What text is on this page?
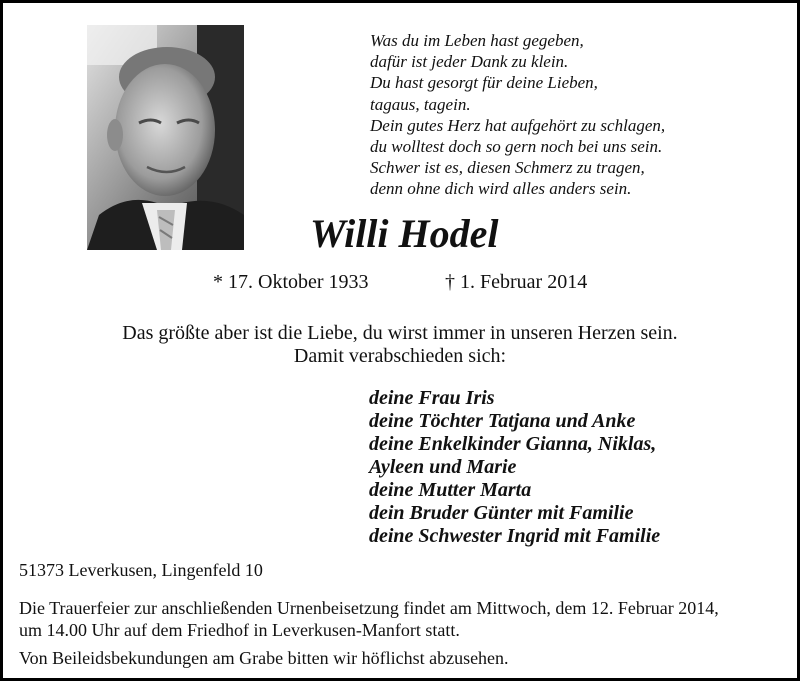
Was du im Leben hast gegeben,
dafür ist jeder Dank zu klein.
Du hast gesorgt für deine Lieben,
tagaus, tagein.
Dein gutes Herz hat aufgehört zu schlagen,
du wolltest doch so gern noch bei uns sein.
Schwer ist es, diesen Schmerz zu tragen,
denn ohne dich wird alles anders sein.
Willi Hodel
* 17. Oktober 1933	† 1. Februar 2014
Das größte aber ist die Liebe, du wirst immer in unseren Herzen sein.
Damit verabschieden sich:
deine Frau Iris
deine Töchter Tatjana und Anke
deine Enkelkinder Gianna, Niklas,
Ayleen und Marie
deine Mutter Marta
dein Bruder Günter mit Familie
deine Schwester Ingrid mit Familie
51373 Leverkusen, Lingenfeld 10
Die Trauerfeier zur anschließenden Urnenbeisetzung findet am Mittwoch, dem 12. Februar 2014,
um 14.00 Uhr auf dem Friedhof in Leverkusen-Manfort statt.
Von Beileidsbekundungen am Grabe bitten wir höflichst abzusehen.
